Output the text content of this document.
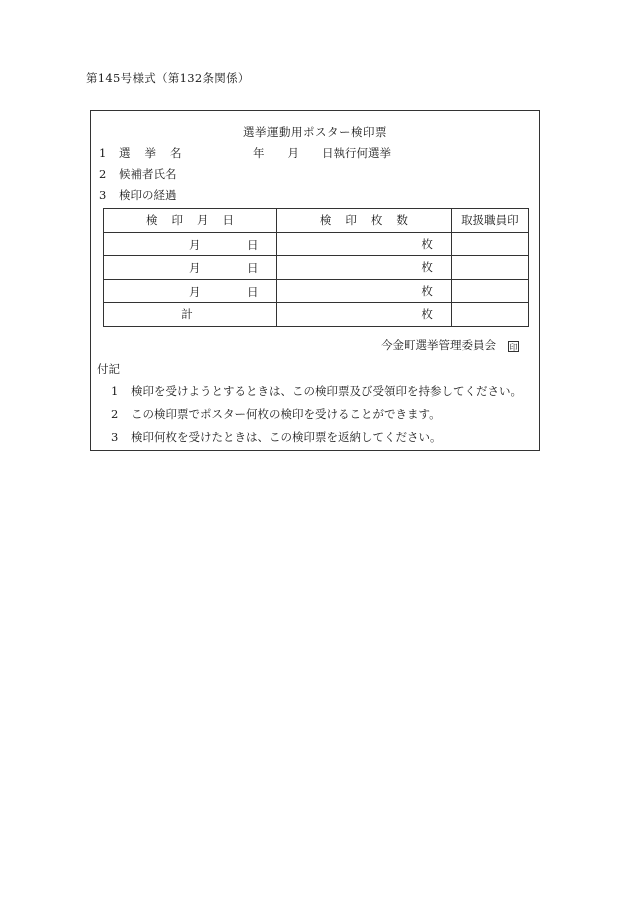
第145号様式（第132条関係）
選挙運動用ポスター検印票
1 選挙名	年　　月　　日執行何選挙
2 候補者氏名
3 検印の経過
検印月日	検印枚数	取扱職員印

月 日	枚	

月 日	枚	

月 日	枚	
計	枚	
今金町選挙管理委員会 印
付記
1 検印を受けようとするときは、この検印票及び受領印を持参してください。
2 この検印票でポスター何枚の検印を受けることができます。
3 検印何枚を受けたときは、この検印票を返納してください。
